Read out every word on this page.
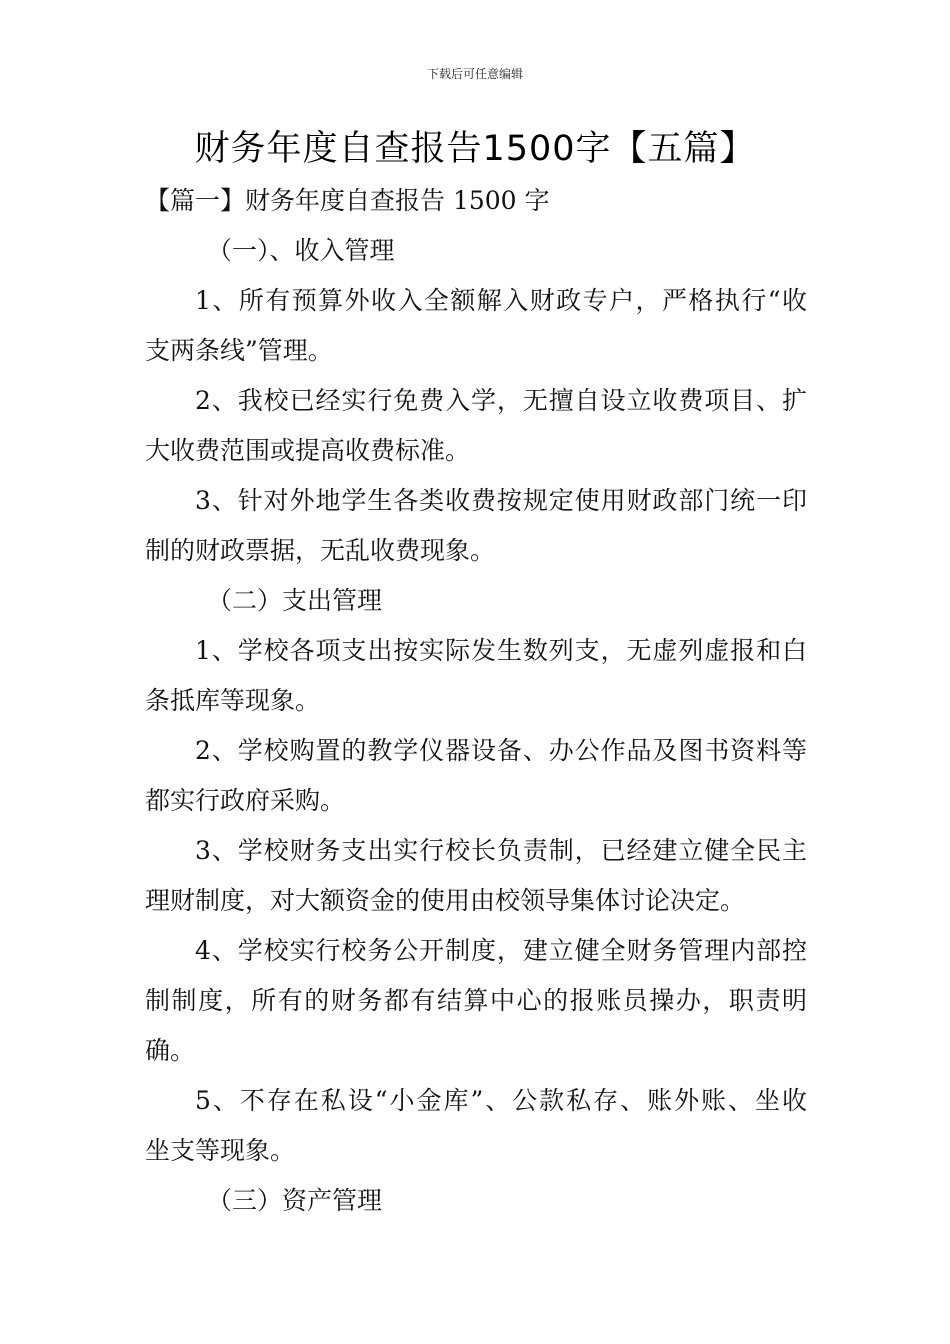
下载后可任意编辑
财务年度自查报告1500字【五篇】
【篇一】财务年度自查报告 1500 字
（一）、收入管理
1、所有预算外收入全额解入财政专户，严格执行“收
支两条线”管理。
2、我校已经实行免费入学，无擅自设立收费项目、扩
大收费范围或提高收费标准。
3、针对外地学生各类收费按规定使用财政部门统一印
制的财政票据，无乱收费现象。
（二）支出管理
1、学校各项支出按实际发生数列支，无虚列虚报和白
条抵库等现象。
2、学校购置的教学仪器设备、办公作品及图书资料等
都实行政府采购。
3、学校财务支出实行校长负责制，已经建立健全民主
理财制度，对大额资金的使用由校领导集体讨论决定。
4、学校实行校务公开制度，建立健全财务管理内部控
制制度，所有的财务都有结算中心的报账员操办，职责明
确。
5、不存在私设“小金库”、公款私存、账外账、坐收
坐支等现象。
（三）资产管理
